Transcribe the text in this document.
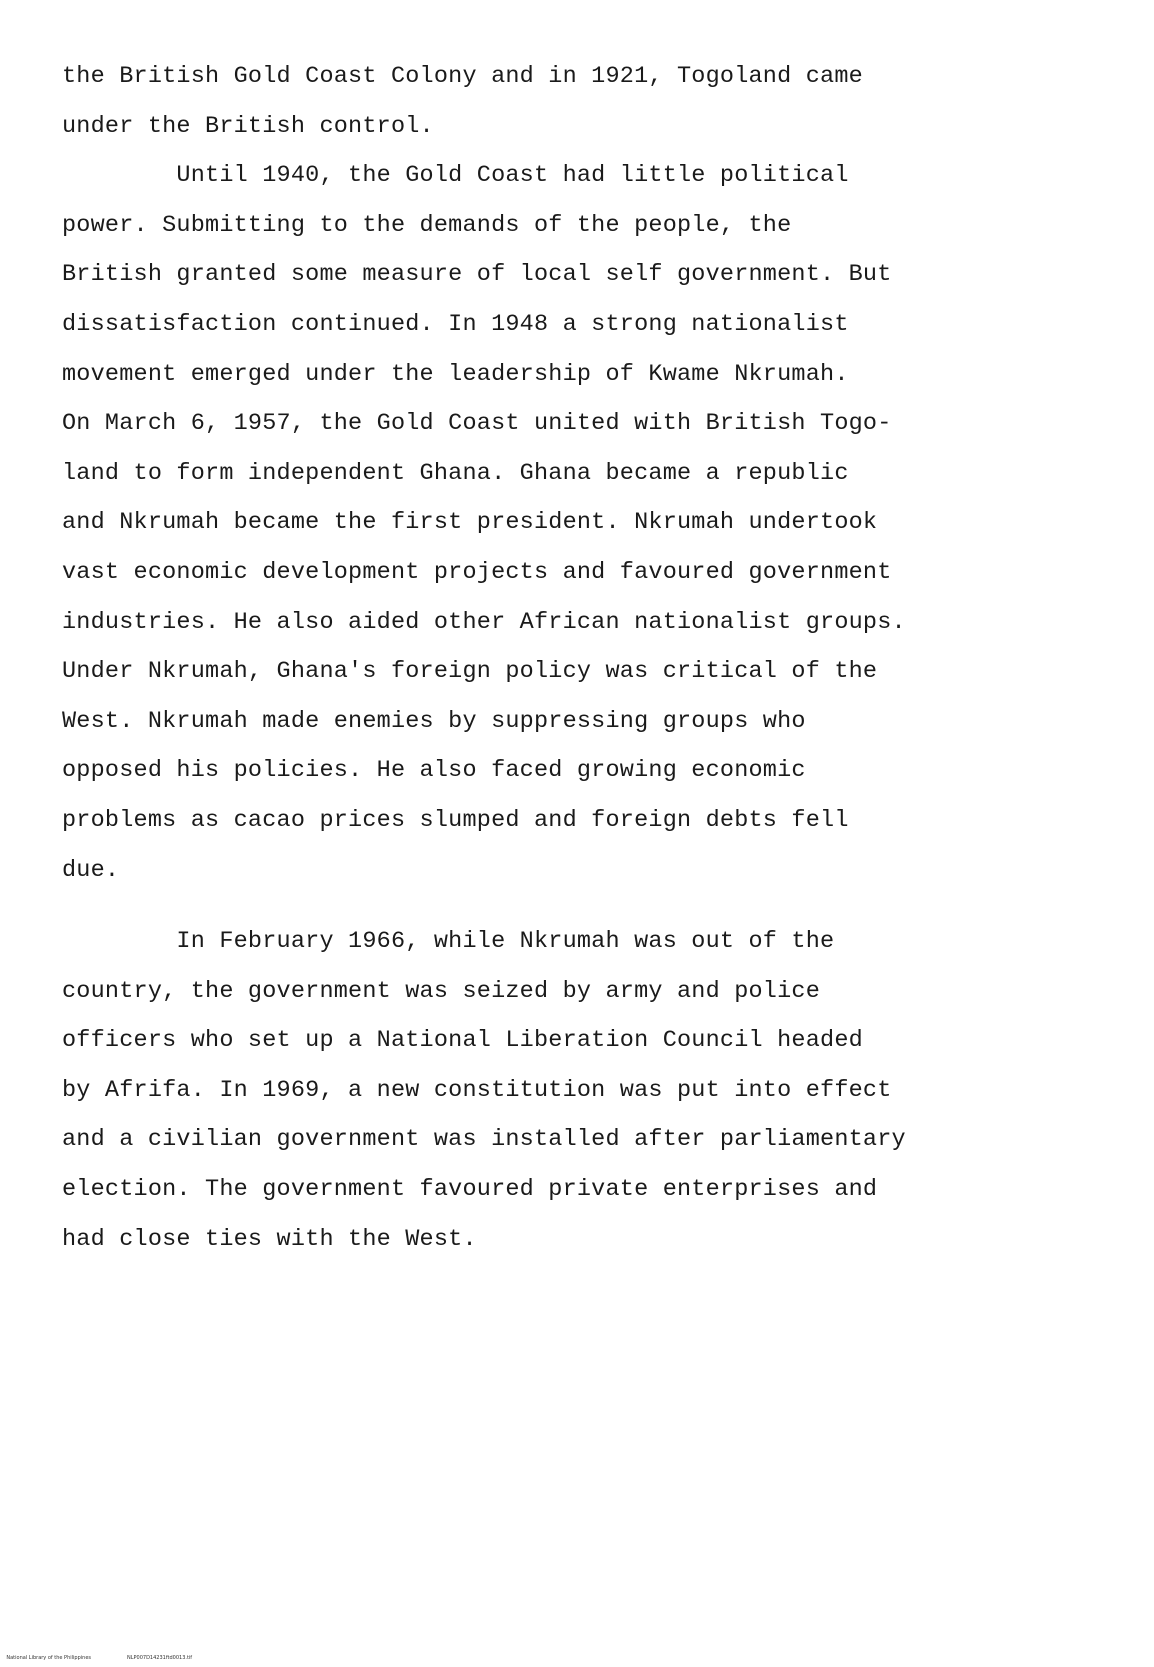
the British Gold Coast Colony and in 1921, Togoland came
under the British control.
Until 1940, the Gold Coast had little political
power. Submitting to the demands of the people, the
British granted some measure of local self government. But
dissatisfaction continued. In 1948 a strong nationalist
movement emerged under the leadership of Kwame Nkrumah.
On March 6, 1957, the Gold Coast united with British Togo-
land to form independent Ghana. Ghana became a republic
and Nkrumah became the first president. Nkrumah undertook
vast economic development projects and favoured government
industries. He also aided other African nationalist groups.
Under Nkrumah, Ghana's foreign policy was critical of the
West. Nkrumah made enemies by suppressing groups who
opposed his policies. He also faced growing economic
problems as cacao prices slumped and foreign debts fell
due.
In February 1966, while Nkrumah was out of the
country, the government was seized by army and police
officers who set up a National Liberation Council headed
by Afrifa. In 1969, a new constitution was put into effect
and a civilian government was installed after parliamentary
election. The government favoured private enterprises and
had close ties with the West.

National Library of the Philippines	NLP007D14231ftd0013.tif
